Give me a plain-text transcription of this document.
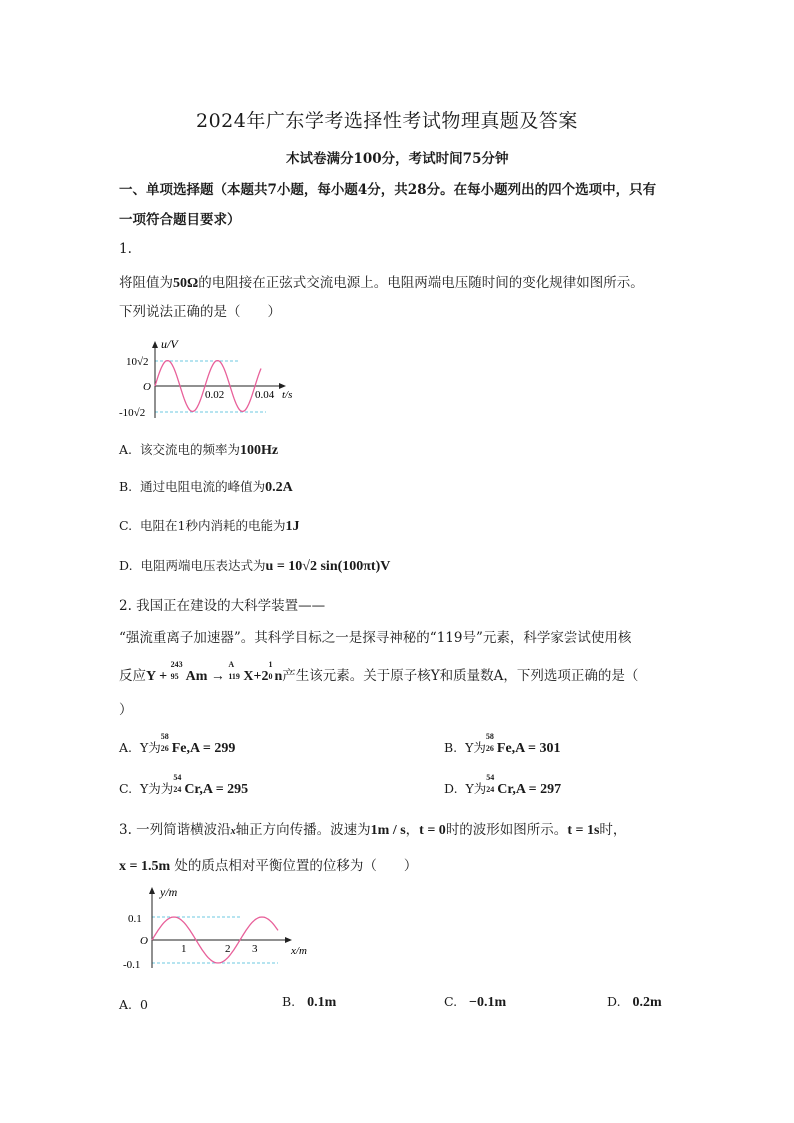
2024年广东学考选择性考试物理真题及答案
木试卷满分100分，考试时间75分钟
一、单项选择题（本题共7小题，每小题4分，共28分。在每小题列出的四个选项中，只有
一项符合题目要求）
1.
将阻值为50Ω的电阻接在正弦式交流电源上。电阻两端电压随时间的变化规律如图所示。
下列说法正确的是（　　）
u/V
10√2
O
-10√2
0.02	0.04 t/s
A. 该交流电的频率为100Hz
B. 通过电阻电流的峰值为0.2A
C. 电阻在1秒内消耗的电能为1J
D. 电阻两端电压表达式为u = 10√2 sin(100πt)V
2. 我国正在建设的大科学装置——
“强流重离子加速器”。其科学目标之一是探寻神秘的“119号”元素，科学家尝试使用核
反应Y +
243
95 Am →
A
119 X+2
1
0 n产生该元素。关于原子核Y和质量数A，下列选项正确的是（
）
A. Y为
58
26 Fe,A = 299	B. Y为
58
26 Fe,A = 301
C. Y为为
54
24 Cr,A = 295	D. Y为
54
24 Cr,A = 297
3. 一列简谐横波沿x轴正方向传播。波速为1m / s，t = 0时的波形如图所示。t = 1s时，
x = 1.5m 处的质点相对平衡位置的位移为（　　）
y/m
0.1
O
-0.1
1	2 3	x/m
A. 0	B. 0.1m	C. −0.1m	D. 0.2m
